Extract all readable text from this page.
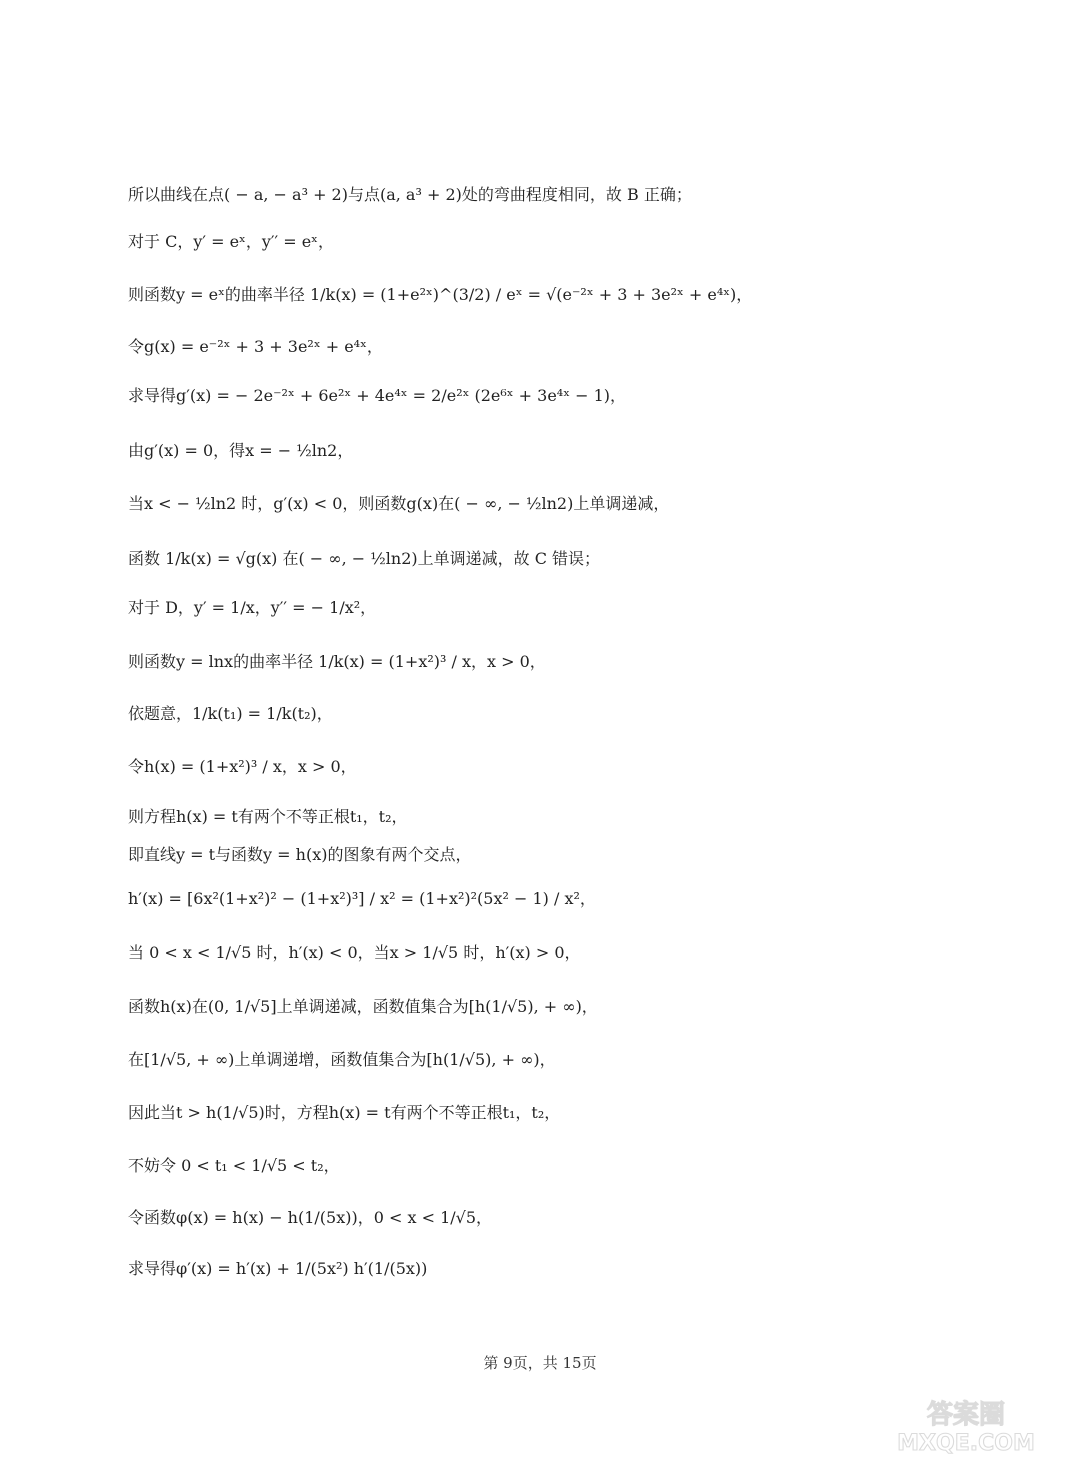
所以曲线在点( − a, − a³ + 2)与点(a, a³ + 2)处的弯曲程度相同，故 B 正确；
对于 C，y′ = eˣ，y′′ = eˣ，
则函数y = eˣ的曲率半径 1/k(x) = (1+e²ˣ)^(3/2) / eˣ = √(e⁻²ˣ + 3 + 3e²ˣ + e⁴ˣ)，
令g(x) = e⁻²ˣ + 3 + 3e²ˣ + e⁴ˣ，
求导得g′(x) = − 2e⁻²ˣ + 6e²ˣ + 4e⁴ˣ = 2/e²ˣ (2e⁶ˣ + 3e⁴ˣ − 1)，
由g′(x) = 0，得x = − ½ln2，
当x < − ½ln2 时，g′(x) < 0，则函数g(x)在( − ∞, − ½ln2)上单调递减，
函数 1/k(x) = √g(x) 在( − ∞, − ½ln2)上单调递减，故 C 错误；
对于 D，y′ = 1/x，y′′ = − 1/x²，
则函数y = lnx的曲率半径 1/k(x) = (1+x²)³ / x，x > 0，
依题意，1/k(t₁) = 1/k(t₂)，
令h(x) = (1+x²)³ / x，x > 0，
则方程h(x) = t有两个不等正根t₁，t₂，
即直线y = t与函数y = h(x)的图象有两个交点，
h′(x) = [6x²(1+x²)² − (1+x²)³] / x² = (1+x²)²(5x² − 1) / x²，
当 0 < x < 1/√5 时，h′(x) < 0，当x > 1/√5 时，h′(x) > 0，
函数h(x)在(0, 1/√5]上单调递减，函数值集合为[h(1/√5), + ∞)，
在[1/√5, + ∞)上单调递增，函数值集合为[h(1/√5), + ∞)，
因此当t > h(1/√5)时，方程h(x) = t有两个不等正根t₁，t₂，
不妨令 0 < t₁ < 1/√5 < t₂，
令函数φ(x) = h(x) − h(1/(5x))，0 < x < 1/√5，
求导得φ′(x) = h′(x) + 1/(5x²) h′(1/(5x))
第 9页，共 15页
答案圈
MXQE.COM
